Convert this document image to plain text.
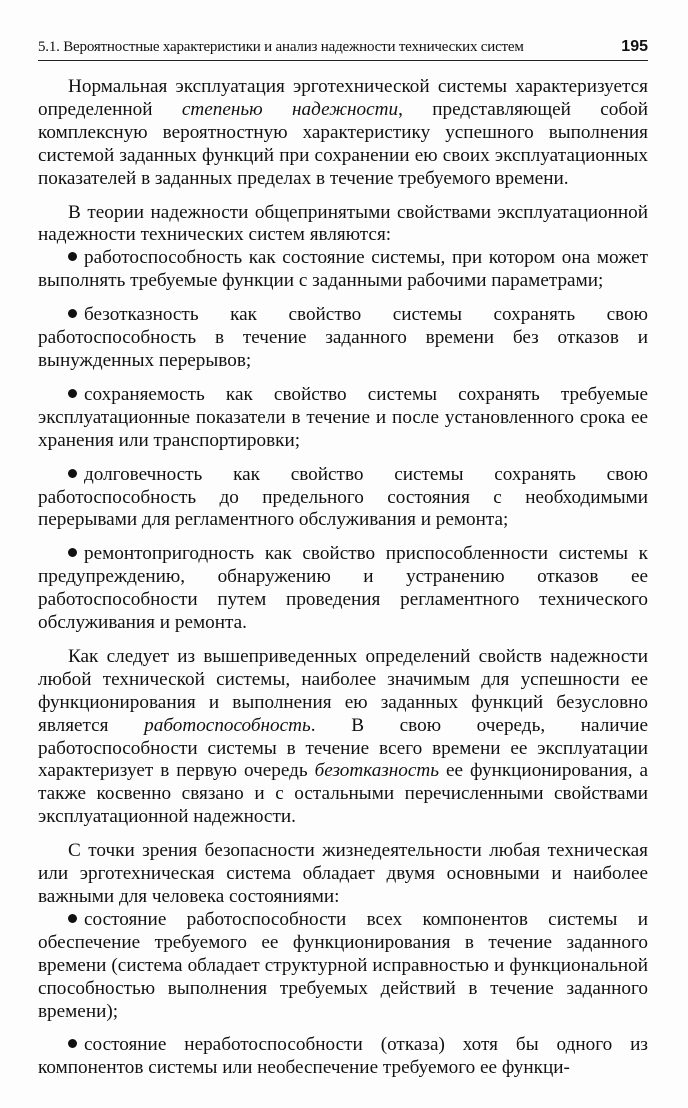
5.1. Вероятностные характеристики и анализ надежности технических систем	195

Нормальная эксплуатация эрготехнической системы характеризуется определенной степенью надежности, представляющей собой комплексную вероятностную характеристику успешного выполнения системой заданных функций при сохранении ею своих эксплуатационных показателей в заданных пределах в течение требуемого времени.

В теории надежности общепринятыми свойствами эксплуатационной надежности технических систем являются:

работоспособность как состояние системы, при котором она может выполнять требуемые функции с заданными рабочими параметрами;

безотказность как свойство системы сохранять свою работоспособность в течение заданного времени без отказов и вынужденных перерывов;

сохраняемость как свойство системы сохранять требуемые эксплуатационные показатели в течение и после установленного срока ее хранения или транспортировки;

долговечность как свойство системы сохранять свою работоспособность до предельного состояния с необходимыми перерывами для регламентного обслуживания и ремонта;

ремонтопригодность как свойство приспособленности системы к предупреждению, обнаружению и устранению отказов ее работоспособности путем проведения регламентного технического обслуживания и ремонта.

Как следует из вышеприведенных определений свойств надежности любой технической системы, наиболее значимым для успешности ее функционирования и выполнения ею заданных функций безусловно является работоспособность. В свою очередь, наличие работоспособности системы в течение всего времени ее эксплуатации характеризует в первую очередь безотказность ее функционирования, а также косвенно связано и с остальными перечисленными свойствами эксплуатационной надежности.

С точки зрения безопасности жизнедеятельности любая техническая или эрготехническая система обладает двумя основными и наиболее важными для человека состояниями:

состояние работоспособности всех компонентов системы и обеспечение требуемого ее функционирования в течение заданного времени (система обладает структурной исправностью и функциональной способностью выполнения требуемых действий в течение заданного времени);

состояние неработоспособности (отказа) хотя бы одного из компонентов системы или необеспечение требуемого ее функци-
